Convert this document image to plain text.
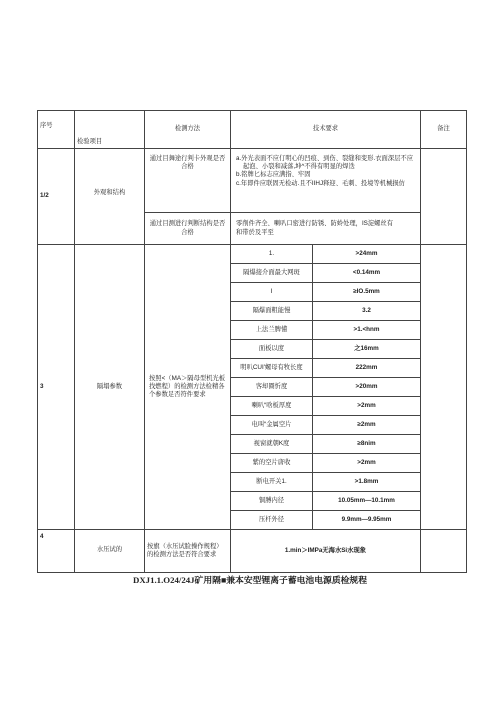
序号	检验项目	检测方法	技术要求		备注
1/2	外观和结构	通过目舞途行判卡外观是否合格	a.外光表面不应仃明心的凹痕、到伤、裂缝和变形.衣面深层不应
起泡、小裂和减落,坤^不得有明显的焊迭
b.铭牌匕标志应满指、牢固
c.年即件应联固无检动.且不IIHJ释迎、毛刺、投境等机械损仿		

		通过目测进行判断结构是否合格	零削件齐全、喇叭口密进行防锈、防蛉处理，IS淀螺丝有
和带於及平至		

3	隔塌参数	按照<（MA＞隔母型机光板找燃程）的检测方法检精各个参数足否符件要求	1.	>24mm	
			隔爆接介面最大网斑	<0.14mm	
			I	≥IO.5mm	
			隔爆面粗能慢	3.2	
			上法兰脾懂	>1.<hnm	
			面板以度	之16mm	
			明叭CUI'螺母有牧长度	222mm	
			客却圈忻度	>20mm	
			喇叭“啥板厚度	>2mm	
			电叫“金属空片	≥2mm	
			视窗就朝K度	≥8nim	
			紫的空片唐收	>2mm	
			断电开关1.	>1.8mm	
			铜膊内径	10.05mm—10.1mm	
			压杆外径	9.9mm—9.95mm	
4	水压试的	按旗（水压试脸操作规程）的检测方法是否符合要求	1.min＞IMPa无海水Si水现象		
DXJ1.1.O24/24J矿用隔■兼本安型锂离子蓄电池电源质检规程
